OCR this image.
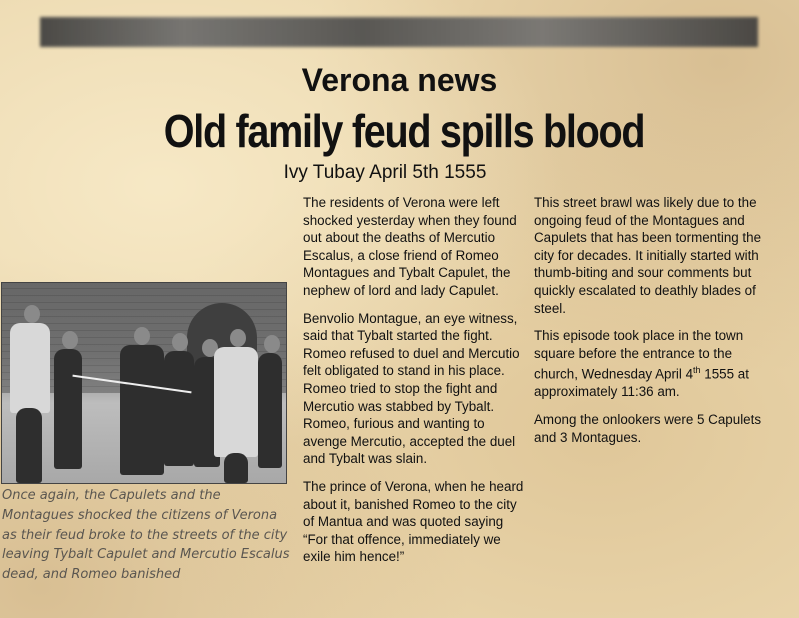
Verona news
Old family feud spills blood
Ivy Tubay April 5th 1555

Once again, the Capulets and the Montagues shocked the citizens of Verona as their feud broke to the streets of the city leaving Tybalt Capulet and Mercutio Escalus dead, and Romeo banished

The residents of Verona were left shocked yesterday when they found out about the deaths of Mercutio Escalus, a close friend of Romeo Montagues and Tybalt Capulet, the nephew of lord and lady Capulet.

Benvolio Montague, an eye witness, said that Tybalt started the fight. Romeo refused to duel and Mercutio felt obligated to stand in his place. Romeo tried to stop the fight and Mercutio was stabbed by Tybalt. Romeo, furious and wanting to avenge Mercutio, accepted the duel and Tybalt was slain.

The prince of Verona, when he heard about it, banished Romeo to the city of Mantua and was quoted saying “For that offence, immediately we exile him hence!”

This street brawl was likely due to the ongoing feud of the Montagues and Capulets that has been tormenting the city for decades. It initially started with thumb-biting and sour comments but quickly escalated to deathly blades of steel.

This episode took place in the town square before the entrance to the church, Wednesday April 4th 1555 at approximately 11:36 am.

Among the onlookers were 5 Capulets and 3 Montagues.
